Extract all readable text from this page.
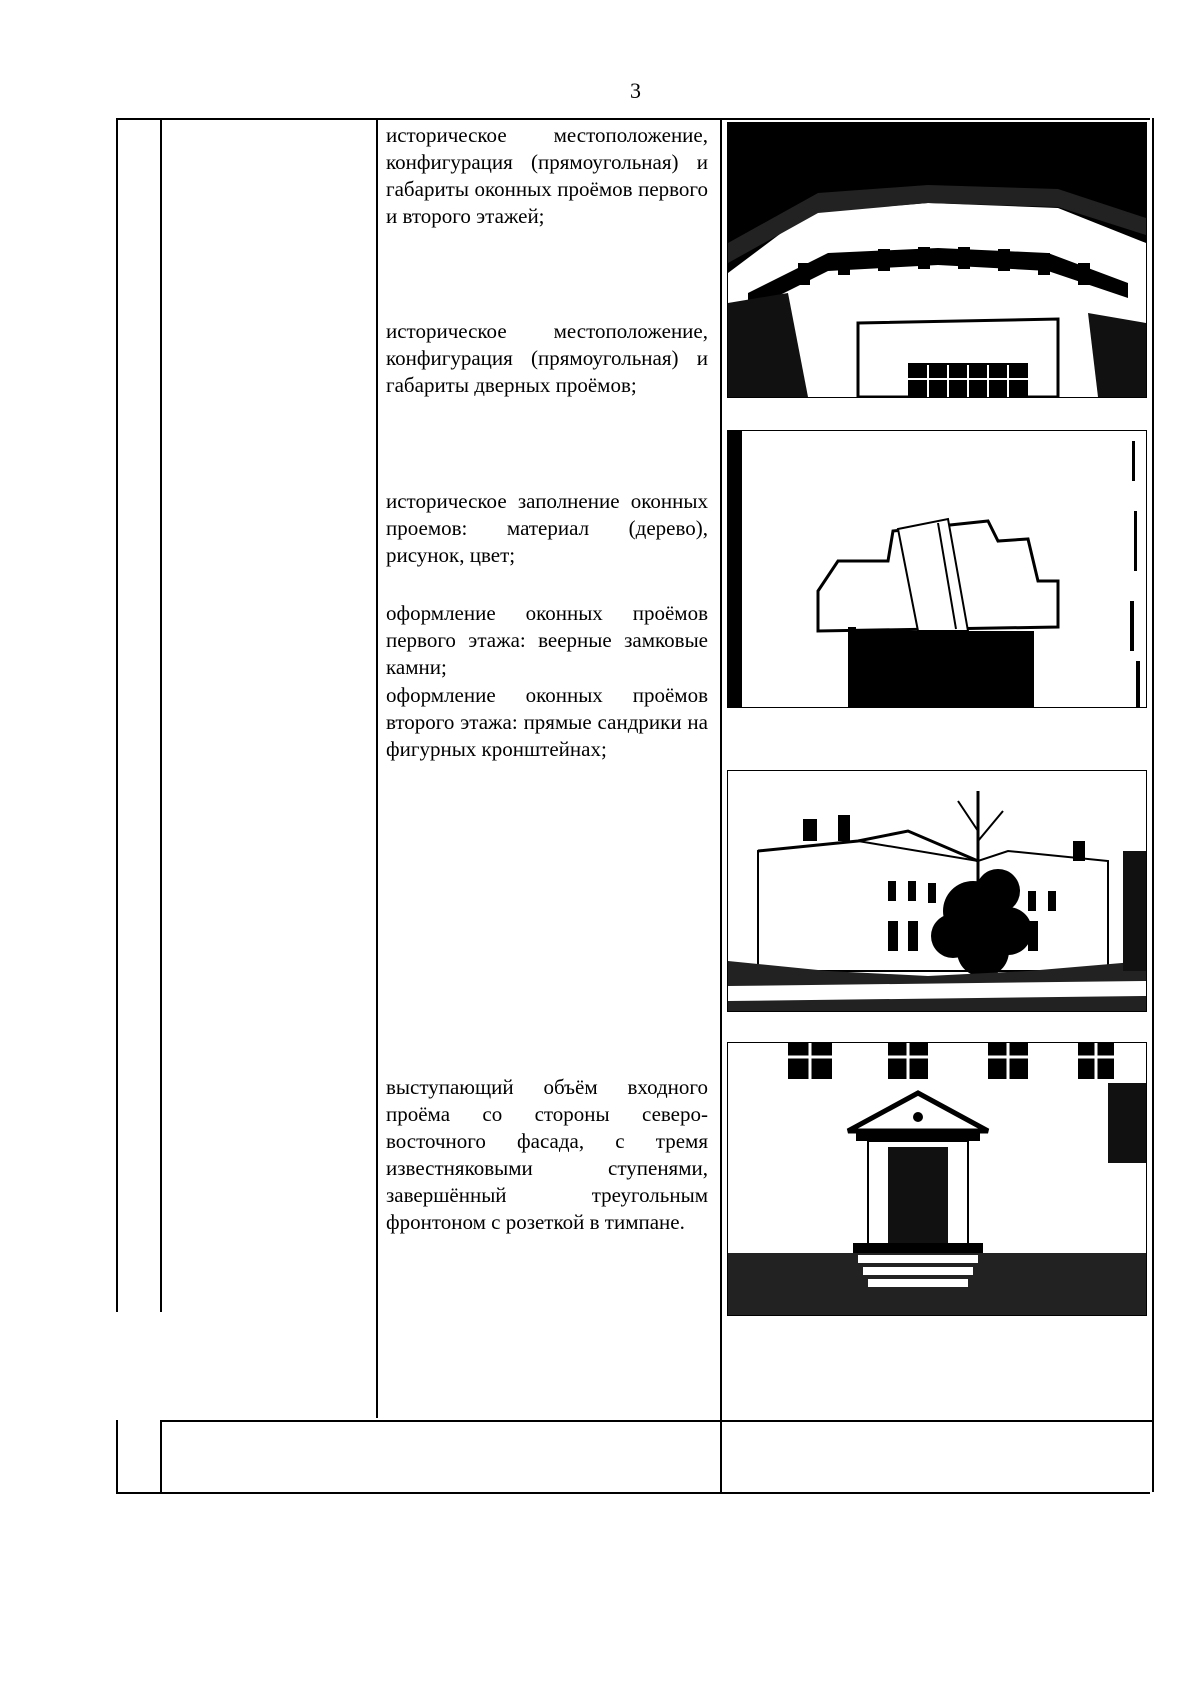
3

историческое местоположение, конфигурация (прямоугольная) и габариты оконных проёмов первого и второго этажей;

историческое местоположение, конфигурация (прямоугольная) и габариты дверных проёмов;

историческое заполнение оконных проемов: материал (дерево), рисунок, цвет;

оформление оконных проёмов первого этажа: веерные замковые камни;

оформление оконных проёмов второго этажа: прямые сандрики на фигурных кронштейнах;

выступающий объём входного проёма со стороны северо-восточного фасада, с тремя известняковыми ступенями, завершённый треугольным фронтоном с розеткой в тимпане.
